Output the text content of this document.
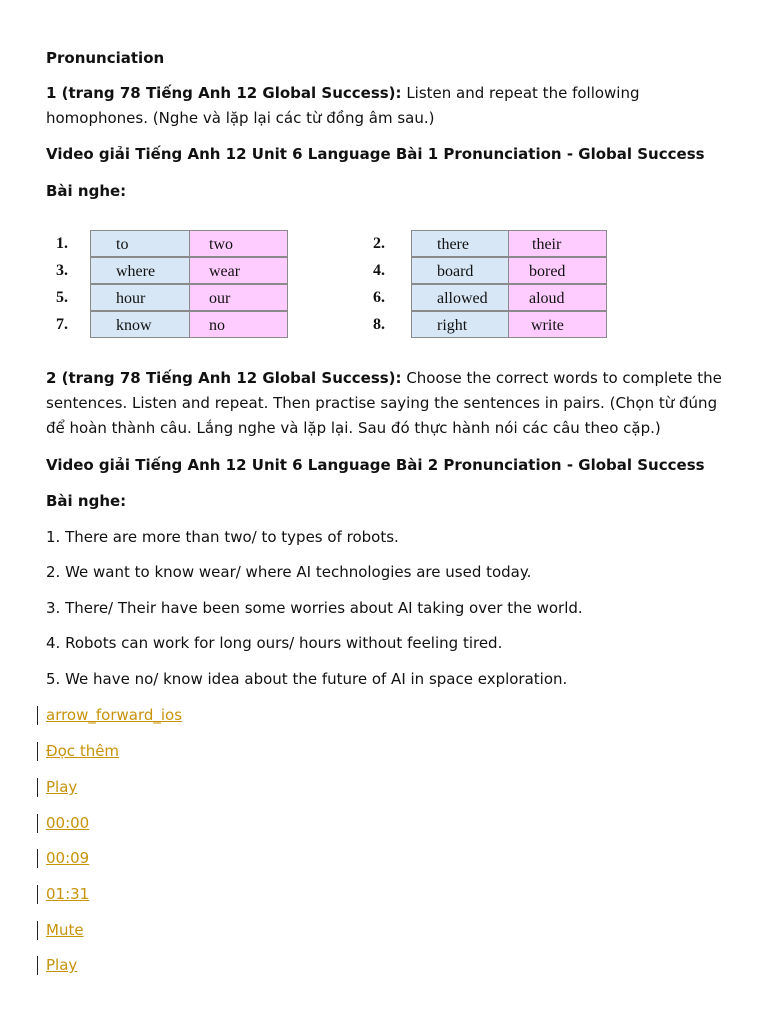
Pronunciation
1 (trang 78 Tiếng Anh 12 Global Success): Listen and repeat the following homophones. (Nghe và lặp lại các từ đồng âm sau.)
Video giải Tiếng Anh 12 Unit 6 Language Bài 1 Pronunciation - Global Success
Bài nghe:
1.	to	two
3.	where	wear
5.	hour	our
7.	know	no
2.	there	their
4.	board	bored
6.	allowed	aloud
8.	right	write
2 (trang 78 Tiếng Anh 12 Global Success): Choose the correct words to complete the sentences. Listen and repeat. Then practise saying the sentences in pairs. (Chọn từ đúng để hoàn thành câu. Lắng nghe và lặp lại. Sau đó thực hành nói các câu theo cặp.)
Video giải Tiếng Anh 12 Unit 6 Language Bài 2 Pronunciation - Global Success
Bài nghe:
1. There are more than two/ to types of robots.
2. We want to know wear/ where AI technologies are used today.
3. There/ Their have been some worries about AI taking over the world.
4. Robots can work for long ours/ hours without feeling tired.
5. We have no/ know idea about the future of AI in space exploration.
arrow_forward_ios
Đọc thêm
Play
00:00
00:09
01:31
Mute
Play
